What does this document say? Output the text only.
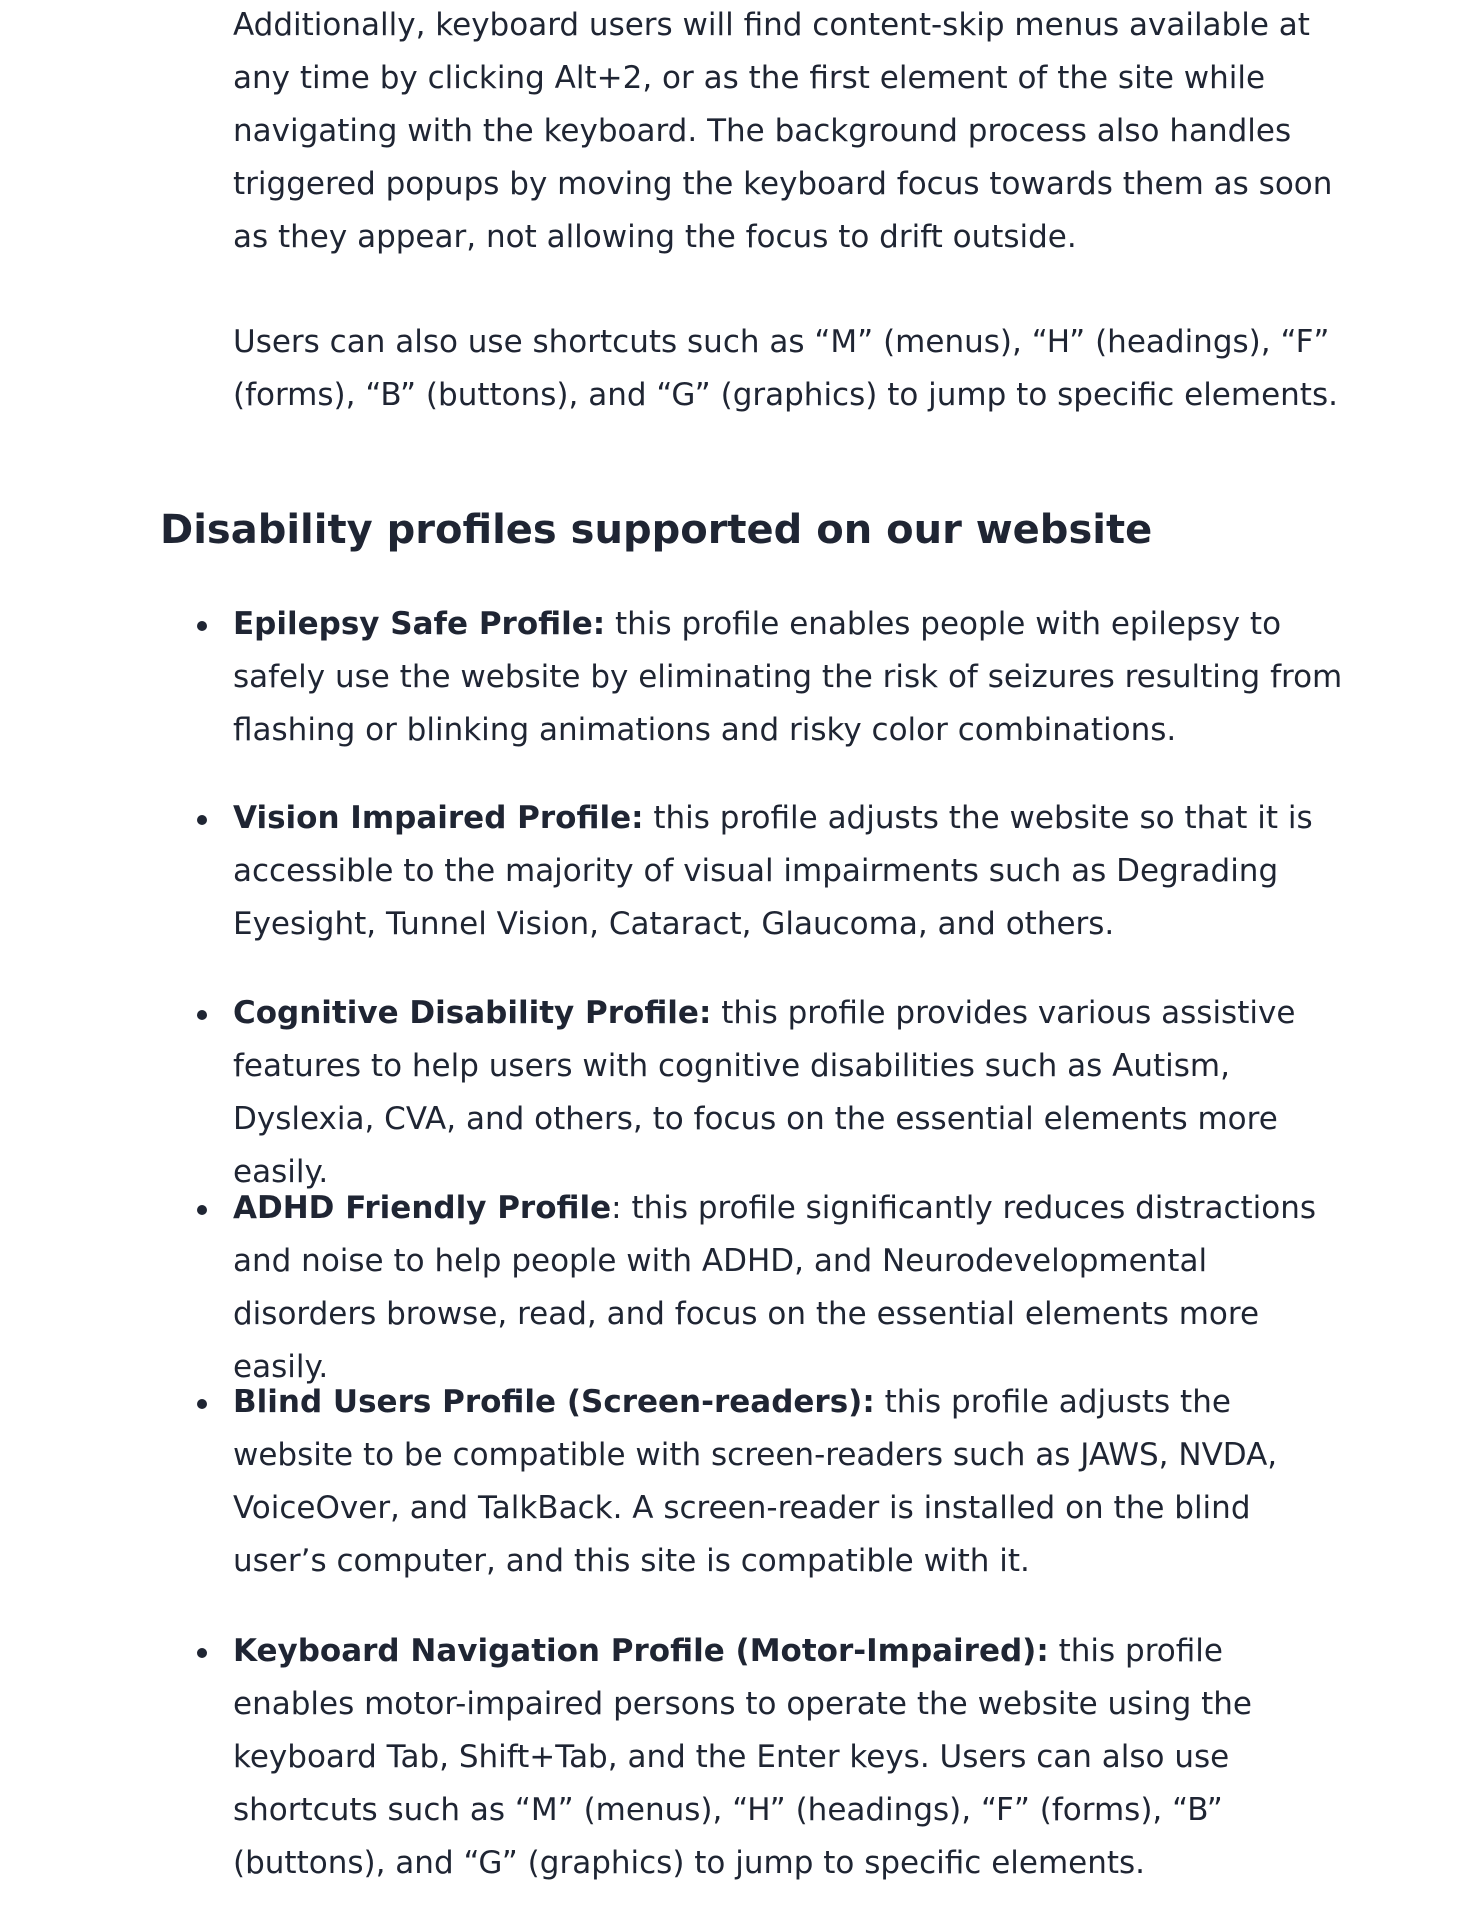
Additionally, keyboard users will find content-skip menus available at any time by clicking Alt+2, or as the first element of the site while navigating with the keyboard. The background process also handles triggered popups by moving the keyboard focus towards them as soon as they appear, not allowing the focus to drift outside.

Users can also use shortcuts such as “M” (menus), “H” (headings), “F” (forms), “B” (buttons), and “G” (graphics) to jump to specific elements.

Disability profiles supported on our website
Epilepsy Safe Profile: this profile enables people with epilepsy to safely use the website by eliminating the risk of seizures resulting from flashing or blinking animations and risky color combinations.
Vision Impaired Profile: this profile adjusts the website so that it is accessible to the majority of visual impairments such as Degrading Eyesight, Tunnel Vision, Cataract, Glaucoma, and others.
Cognitive Disability Profile: this profile provides various assistive features to help users with cognitive disabilities such as Autism, Dyslexia, CVA, and others, to focus on the essential elements more easily.
ADHD Friendly Profile: this profile significantly reduces distractions and noise to help people with ADHD, and Neurodevelopmental disorders browse, read, and focus on the essential elements more easily.
Blind Users Profile (Screen-readers): this profile adjusts the website to be compatible with screen-readers such as JAWS, NVDA, VoiceOver, and TalkBack. A screen-reader is installed on the blind user’s computer, and this site is compatible with it.
Keyboard Navigation Profile (Motor-Impaired): this profile enables motor-impaired persons to operate the website using the keyboard Tab, Shift+Tab, and the Enter keys. Users can also use shortcuts such as “M” (menus), “H” (headings), “F” (forms), “B” (buttons), and “G” (graphics) to jump to specific elements.
